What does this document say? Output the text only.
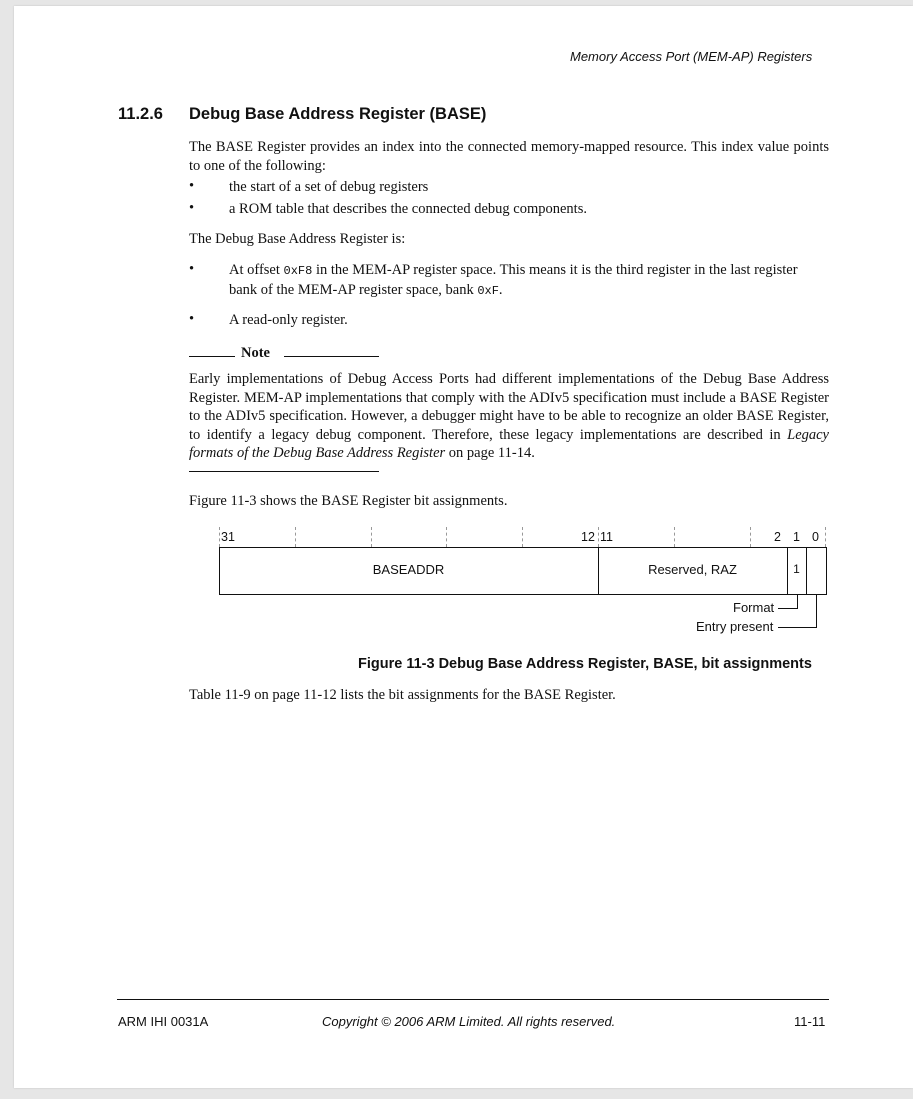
Memory Access Port (MEM-AP) Registers
11.2.6 Debug Base Address Register (BASE)
The BASE Register provides an index into the connected memory-mapped resource. This index value points to one of the following:
• the start of a set of debug registers
• a ROM table that describes the connected debug components.
The Debug Base Address Register is:
• At offset 0xF8 in the MEM-AP register space. This means it is the third register in the last register bank of the MEM-AP register space, bank 0xF.
• A read-only register.
Note
Early implementations of Debug Access Ports had different implementations of the Debug Base Address Register. MEM-AP implementations that comply with the ADIv5 specification must include a BASE Register to the ADIv5 specification. However, a debugger might have to be able to recognize an older BASE Register, to identify a legacy debug component. Therefore, these legacy implementations are described in Legacy formats of the Debug Base Address Register on page 11-14.
Figure 11-3 shows the BASE Register bit assignments.
31	12 11	2 1 0
BASEADDR	Reserved, RAZ	1
Format
Entry present
Figure 11-3 Debug Base Address Register, BASE, bit assignments
Table 11-9 on page 11-12 lists the bit assignments for the BASE Register.
ARM IHI 0031A	Copyright © 2006 ARM Limited. All rights reserved.	11-11
